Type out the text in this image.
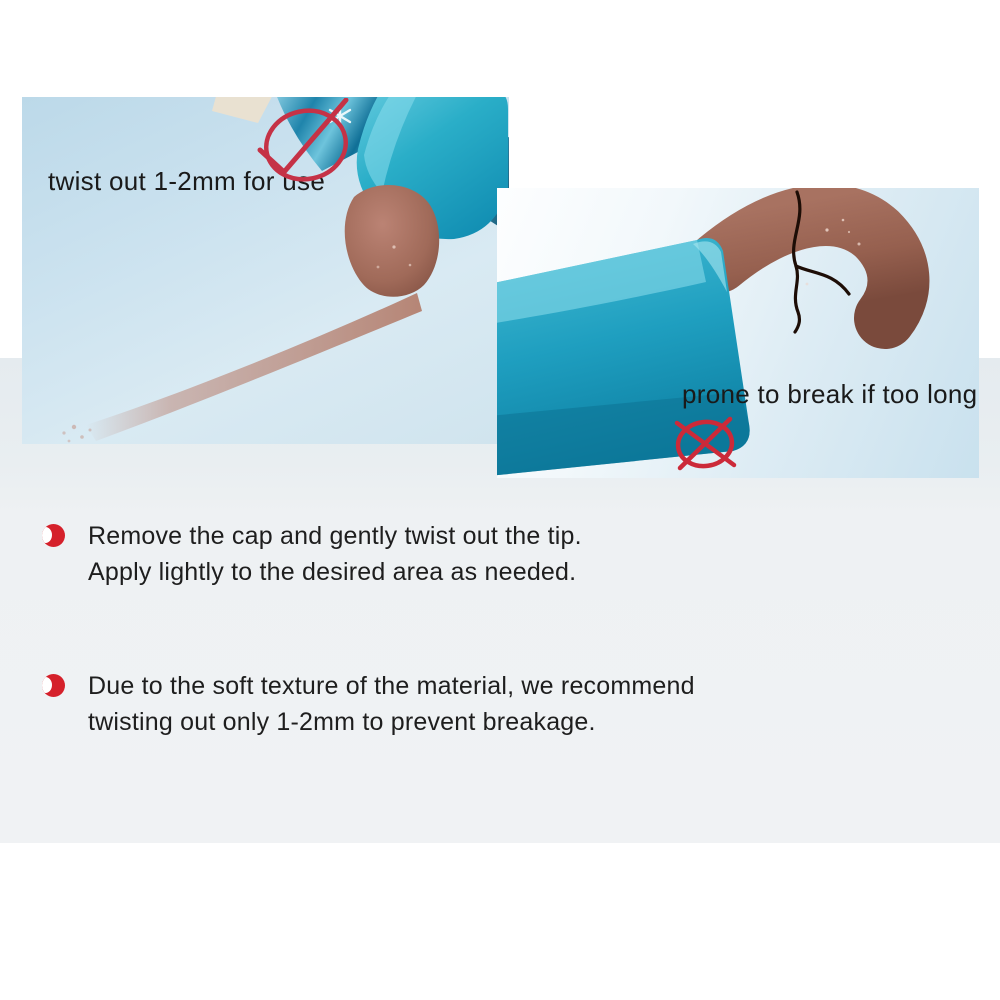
twist out 1-2mm for use
prone to break if too long
Remove the cap and gently twist out the tip.
Apply lightly to the desired area as needed.
Due to the soft texture of the material, we recommend
twisting out only 1-2mm to prevent breakage.
